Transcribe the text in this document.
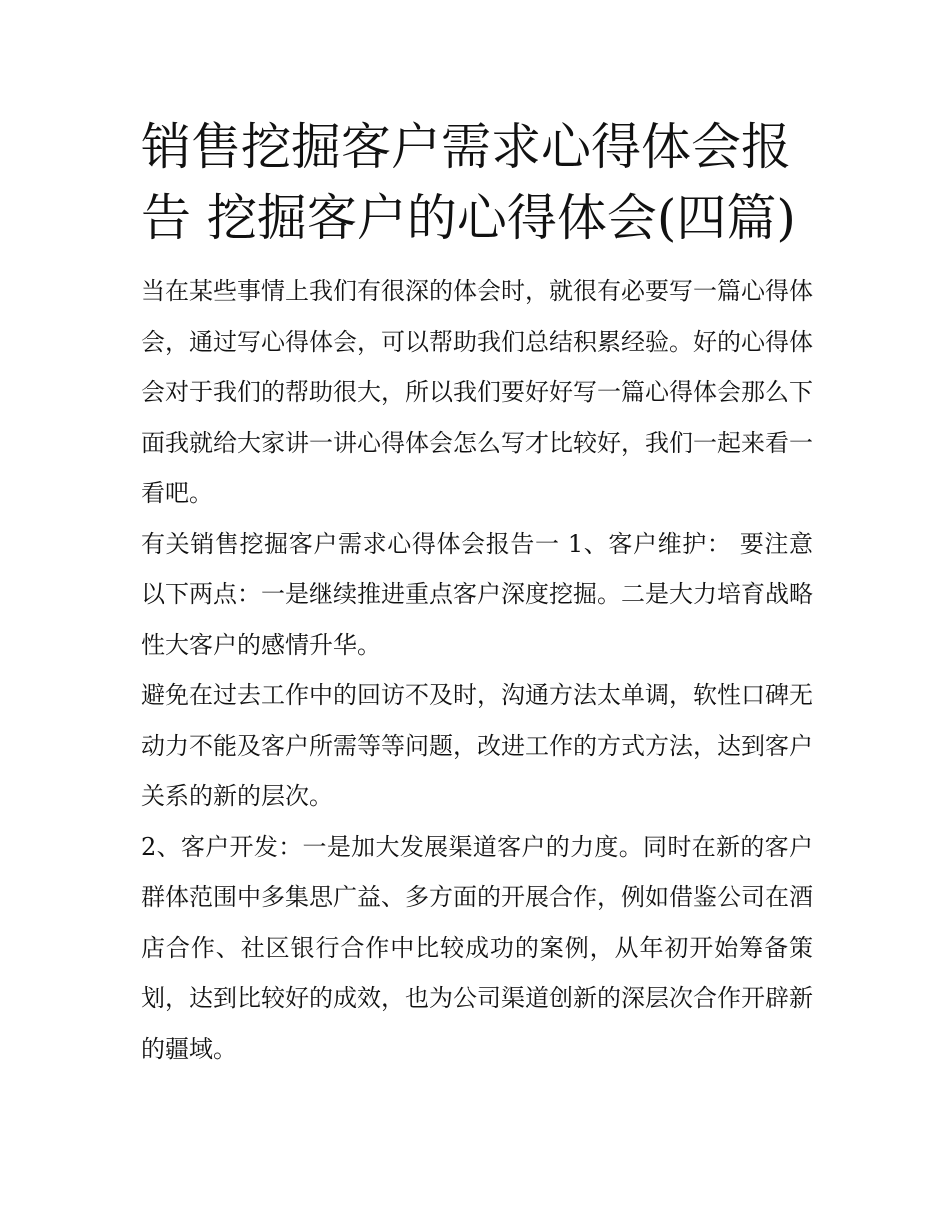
销售挖掘客户需求心得体会报告 挖掘客户的心得体会(四篇)

当在某些事情上我们有很深的体会时，就很有必要写一篇心得体会，通过写心得体会，可以帮助我们总结积累经验。好的心得体会对于我们的帮助很大，所以我们要好好写一篇心得体会那么下面我就给大家讲一讲心得体会怎么写才比较好，我们一起来看一看吧。

有关销售挖掘客户需求心得体会报告一 1、客户维护： 要注意以下两点：一是继续推进重点客户深度挖掘。二是大力培育战略性大客户的感情升华。

避免在过去工作中的回访不及时，沟通方法太单调，软性口碑无动力不能及客户所需等等问题，改进工作的方式方法，达到客户关系的新的层次。

2、客户开发：一是加大发展渠道客户的力度。同时在新的客户群体范围中多集思广益、多方面的开展合作，例如借鉴公司在酒店合作、社区银行合作中比较成功的案例，从年初开始筹备策划，达到比较好的成效，也为公司渠道创新的深层次合作开辟新的疆域。
